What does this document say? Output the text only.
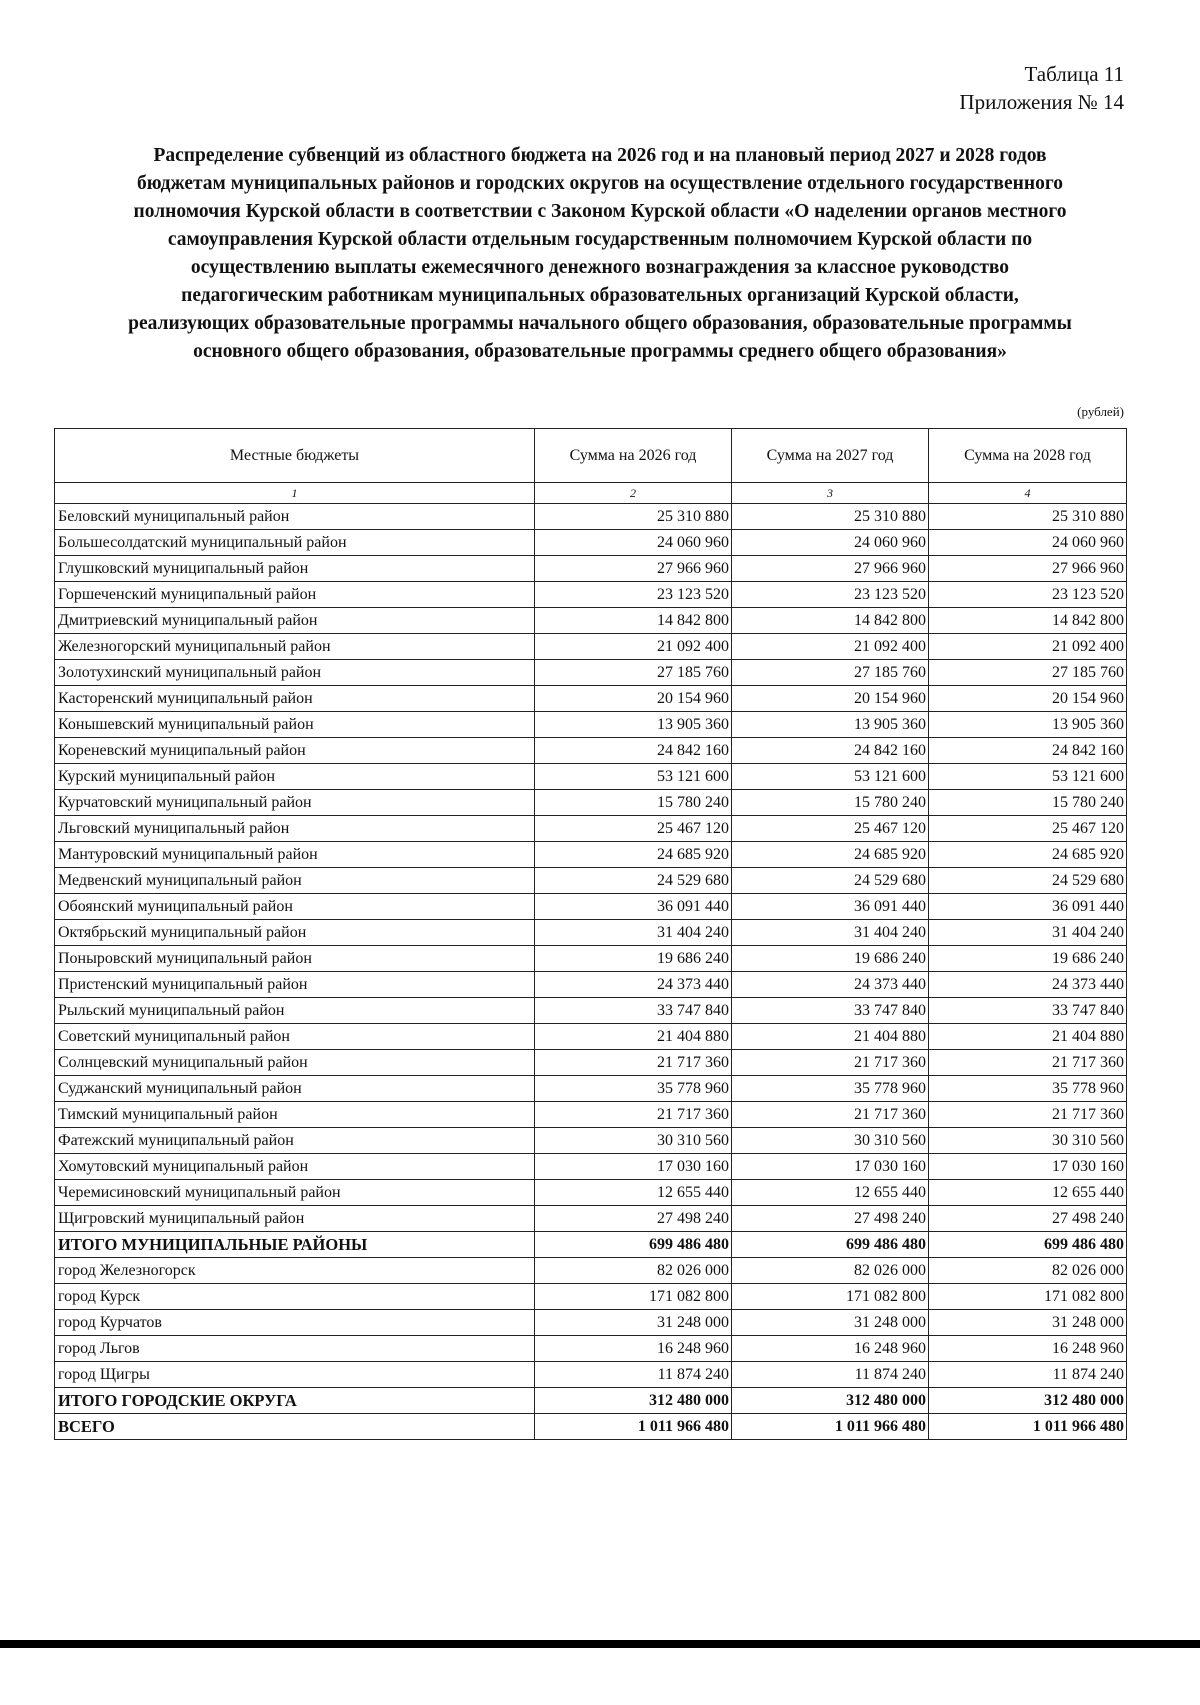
Таблица 11
Приложения № 14
Распределение субвенций из областного бюджета на 2026 год и на плановый период 2027 и 2028 годов
бюджетам муниципальных районов и городских округов на осуществление отдельного государственного
полномочия Курской области в соответствии с Законом Курской области «О наделении органов местного
самоуправления Курской области отдельным государственным полномочием Курской области по
осуществлению выплаты ежемесячного денежного вознаграждения за классное руководство
педагогическим работникам муниципальных образовательных организаций Курской области,
реализующих образовательные программы начального общего образования, образовательные программы
основного общего образования, образовательные программы среднего общего образования»
(рублей)
Местные бюджеты	Сумма на 2026 год	Сумма на 2027 год	Сумма на 2028 год
1	2	3	4
Беловский муниципальный район	25 310 880	25 310 880	25 310 880
Большесолдатский муниципальный район	24 060 960	24 060 960	24 060 960
Глушковский муниципальный район	27 966 960	27 966 960	27 966 960
Горшеченский муниципальный район	23 123 520	23 123 520	23 123 520
Дмитриевский муниципальный район	14 842 800	14 842 800	14 842 800
Железногорский муниципальный район	21 092 400	21 092 400	21 092 400
Золотухинский муниципальный район	27 185 760	27 185 760	27 185 760
Касторенский муниципальный район	20 154 960	20 154 960	20 154 960
Конышевский муниципальный район	13 905 360	13 905 360	13 905 360
Кореневский муниципальный район	24 842 160	24 842 160	24 842 160
Курский муниципальный район	53 121 600	53 121 600	53 121 600
Курчатовский муниципальный район	15 780 240	15 780 240	15 780 240
Льговский муниципальный район	25 467 120	25 467 120	25 467 120
Мантуровский муниципальный район	24 685 920	24 685 920	24 685 920
Медвенский муниципальный район	24 529 680	24 529 680	24 529 680
Обоянский муниципальный район	36 091 440	36 091 440	36 091 440
Октябрьский муниципальный район	31 404 240	31 404 240	31 404 240
Поныровский муниципальный район	19 686 240	19 686 240	19 686 240
Пристенский муниципальный район	24 373 440	24 373 440	24 373 440
Рыльский муниципальный район	33 747 840	33 747 840	33 747 840
Советский муниципальный район	21 404 880	21 404 880	21 404 880
Солнцевский муниципальный район	21 717 360	21 717 360	21 717 360
Суджанский муниципальный район	35 778 960	35 778 960	35 778 960
Тимский муниципальный район	21 717 360	21 717 360	21 717 360
Фатежский муниципальный район	30 310 560	30 310 560	30 310 560
Хомутовский муниципальный район	17 030 160	17 030 160	17 030 160
Черемисиновский муниципальный район	12 655 440	12 655 440	12 655 440
Щигровский муниципальный район	27 498 240	27 498 240	27 498 240
ИТОГО МУНИЦИПАЛЬНЫЕ РАЙОНЫ	699 486 480	699 486 480	699 486 480
город Железногорск	82 026 000	82 026 000	82 026 000
город Курск	171 082 800	171 082 800	171 082 800
город Курчатов	31 248 000	31 248 000	31 248 000
город Льгов	16 248 960	16 248 960	16 248 960
город Щигры	11 874 240	11 874 240	11 874 240
ИТОГО ГОРОДСКИЕ ОКРУГА	312 480 000	312 480 000	312 480 000
ВСЕГО	1 011 966 480	1 011 966 480	1 011 966 480
